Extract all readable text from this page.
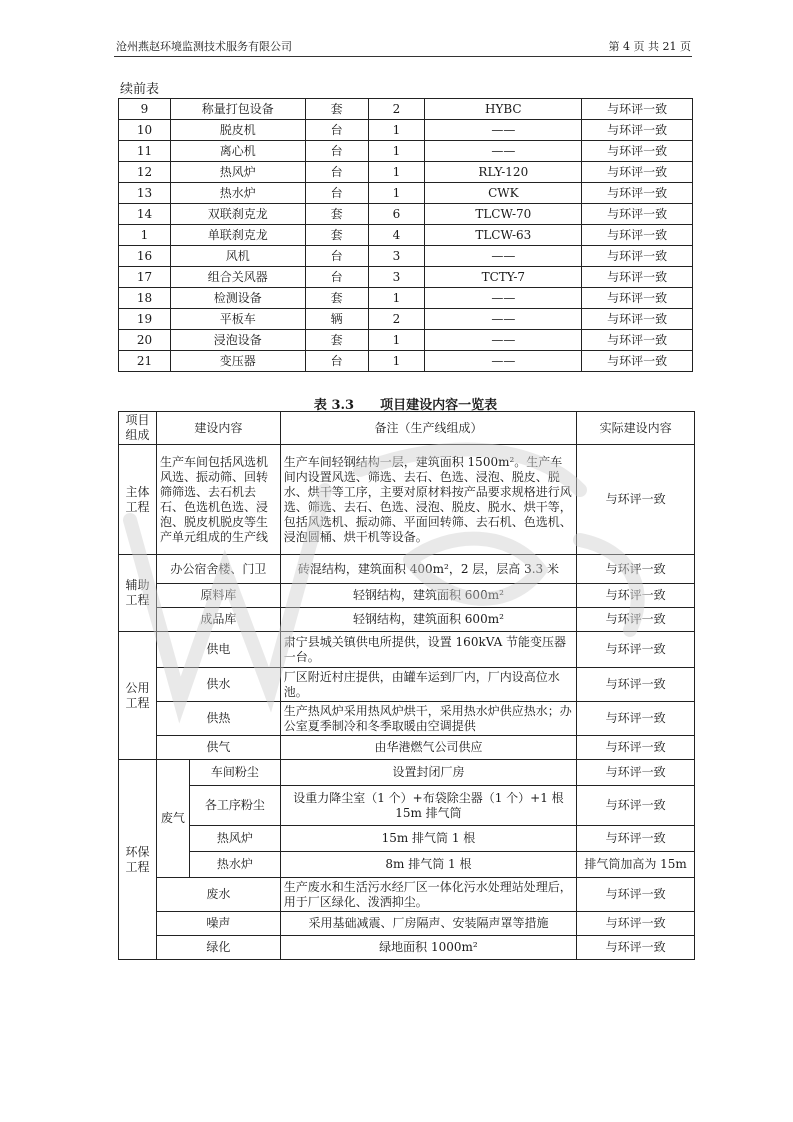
沧州燕赵环境监测技术服务有限公司	第 4 页 共 21 页
续前表
9	称量打包设备	套	2	HYBC	与环评一致
10	脱皮机	台	1	——	与环评一致
11	离心机	台	1	——	与环评一致
12	热风炉	台	1	RLY-120	与环评一致
13	热水炉	台	1	CWK	与环评一致
14	双联刹克龙	套	6	TLCW-70	与环评一致
1	单联刹克龙	套	4	TLCW-63	与环评一致
16	风机	台	3	——	与环评一致
17	组合关风器	台	3	TCTY-7	与环评一致
18	检测设备	套	1	——	与环评一致
19	平板车	辆	2	——	与环评一致
20	浸泡设备	套	1	——	与环评一致
21	变压器	台	1	——	与环评一致
表 3.3　　项目建设内容一览表
项目组成	建设内容		备注（生产线组成）	实际建设内容
主体工程	生产车间包括风选机风选、振动筛、回转筛筛选、去石机去石、色选机色选、浸泡、脱皮机脱皮等生产单元组成的生产线		生产车间轻钢结构一层，建筑面积 1500m²。生产车间内设置风选、筛选、去石、色选、浸泡、脱皮、脱水、烘干等工序，主要对原材料按产品要求规格进行风选、筛选、去石、色选、浸泡、脱皮、脱水、烘干等，包括风选机、振动筛、平面回转筛、去石机、色选机、浸泡圆桶、烘干机等设备。	与环评一致
辅助工程	办公宿舍楼、门卫		砖混结构，建筑面积 400m²，2 层，层高 3.3 米	与环评一致
	原料库		轻钢结构，建筑面积 600m²	与环评一致
	成品库		轻钢结构，建筑面积 600m²	与环评一致
公用工程	供电		肃宁县城关镇供电所提供，设置 160kVA 节能变压器一台。	与环评一致
	供水		厂区附近村庄提供，由罐车运到厂内，厂内设高位水池。	与环评一致
	供热		生产热风炉采用热风炉烘干，采用热水炉供应热水；办公室夏季制冷和冬季取暖由空调提供	与环评一致
	供气		由华港燃气公司供应	与环评一致
环保工程	废气	车间粉尘	设置封闭厂房	与环评一致
		各工序粉尘	设重力降尘室（1 个）+布袋除尘器（1 个）+1 根 15m 排气筒	与环评一致
		热风炉	15m 排气筒 1 根	与环评一致
		热水炉	8m 排气筒 1 根	排气筒加高为 15m
	废水		生产废水和生活污水经厂区一体化污水处理站处理后，用于厂区绿化、泼洒抑尘。	与环评一致
	噪声		采用基础减震、厂房隔声、安装隔声罩等措施	与环评一致
	绿化		绿地面积 1000m²	与环评一致
